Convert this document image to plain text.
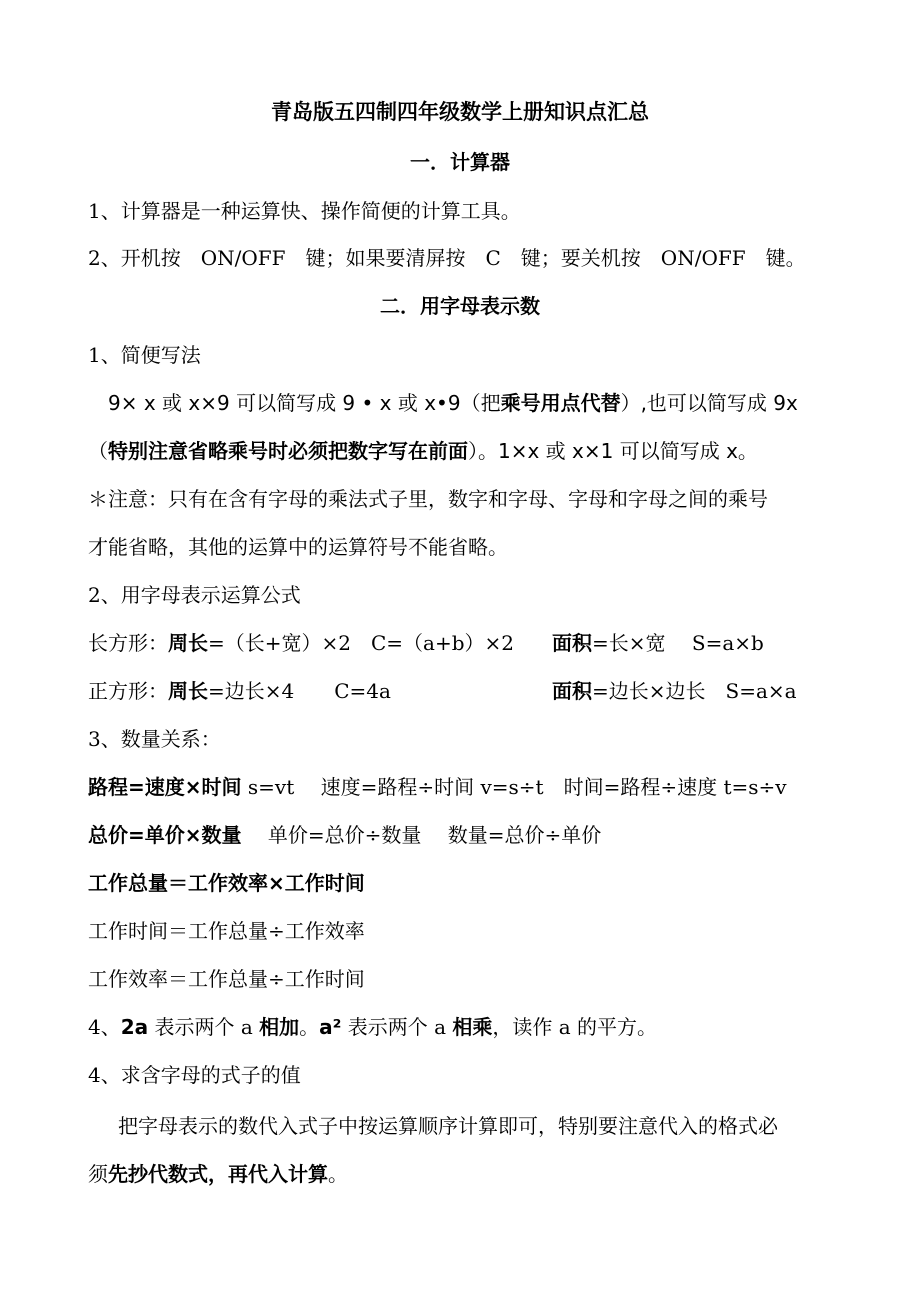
青岛版五四制四年级数学上册知识点汇总
一．计算器
1、计算器是一种运算快、操作简便的计算工具。
2、开机按　ON/OFF　键；如果要清屏按　C　键；要关机按　ON/OFF　键。
二．用字母表示数
1、简便写法
9× x 或 x×9 可以简写成 9 • x 或 x•9（把乘号用点代替）,也可以简写成 9x
（特别注意省略乘号时必须把数字写在前面）。1×x 或 x×1 可以简写成 x。
＊注意：只有在含有字母的乘法式子里，数字和字母、字母和字母之间的乘号
才能省略，其他的运算中的运算符号不能省略。
2、用字母表示运算公式
长方形：周长=（长+宽）×2　C=（a+b）×2 面积=长×宽　 S=a×b
正方形：周长=边长×4　　C=4a	面积=边长×边长　S=a×a
3、数量关系：
路程=速度×时间 s=vt　 速度=路程÷时间 v=s÷t　时间=路程÷速度 t=s÷v
总价=单价×数量　 单价=总价÷数量　 数量=总价÷单价
工作总量＝工作效率×工作时间
工作时间＝工作总量÷工作效率
工作效率＝工作总量÷工作时间
4、2a 表示两个 a 相加。a² 表示两个 a 相乘，读作 a 的平方。
4、求含字母的式子的值
把字母表示的数代入式子中按运算顺序计算即可，特别要注意代入的格式必
须先抄代数式，再代入计算。
